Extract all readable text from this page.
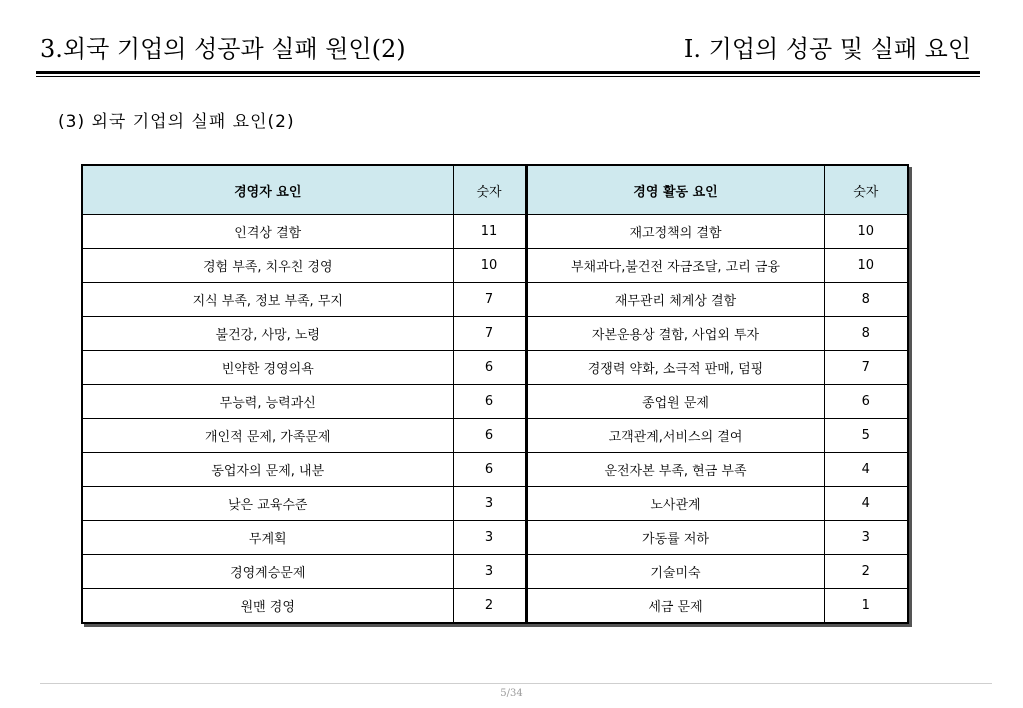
3.외국 기업의 성공과 실패 원인(2)	Ⅰ. 기업의 성공 및 실패 요인
(3) 외국 기업의 실패 요인(2)
경영자 요인	숫자	경영 활동 요인	숫자
인격상 결함	11	재고정책의 결함	10
경험 부족, 치우친 경영	10	부채과다,불건전 자금조달, 고리 금융	10
지식 부족, 정보 부족, 무지	7	재무관리 체계상 결함	8
불건강, 사망, 노령	7	자본운용상 결함, 사업외 투자	8
빈약한 경영의욕	6	경쟁력 약화, 소극적 판매, 덤핑	7
무능력, 능력과신	6	종업원 문제	6
개인적 문제, 가족문제	6	고객관계,서비스의 결여	5
동업자의 문제, 내분	6	운전자본 부족, 현금 부족	4
낮은 교육수준	3	노사관계	4
무계획	3	가동률 저하	3
경영계승문제	3	기술미숙	2
원맨 경영	2	세금 문제	1
5/34
